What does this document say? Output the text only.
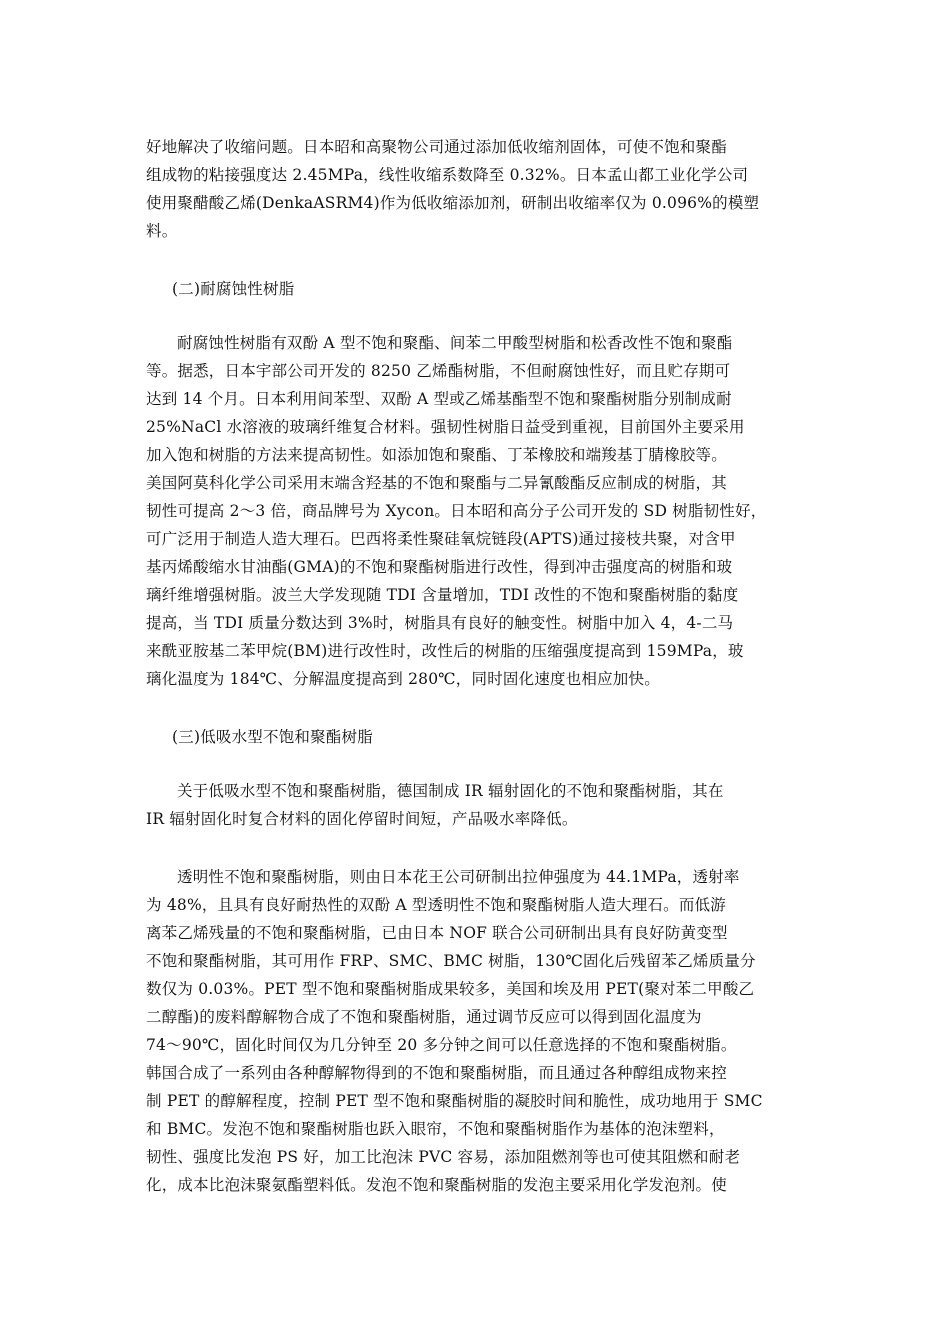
好地解决了收缩问题。日本昭和高聚物公司通过添加低收缩剂固体，可使不饱和聚酯
组成物的粘接强度达 2.45MPa，线性收缩系数降至 0.32%。日本孟山都工业化学公司
使用聚醋酸乙烯(DenkaASRM4)作为低收缩添加剂，研制出收缩率仅为 0.096%的模塑
料。
(二)耐腐蚀性树脂
耐腐蚀性树脂有双酚 A 型不饱和聚酯、间苯二甲酸型树脂和松香改性不饱和聚酯
等。据悉，日本宇部公司开发的 8250 乙烯酯树脂，不但耐腐蚀性好，而且贮存期可
达到 14 个月。日本利用间苯型、双酚 A 型或乙烯基酯型不饱和聚酯树脂分别制成耐
25%NaCl 水溶液的玻璃纤维复合材料。强韧性树脂日益受到重视，目前国外主要采用
加入饱和树脂的方法来提高韧性。如添加饱和聚酯、丁苯橡胶和端羧基丁腈橡胶等。
美国阿莫科化学公司采用末端含羟基的不饱和聚酯与二异氰酸酯反应制成的树脂，其
韧性可提高 2～3 倍，商品牌号为 Xycon。日本昭和高分子公司开发的 SD 树脂韧性好，
可广泛用于制造人造大理石。巴西将柔性聚硅氧烷链段(APTS)通过接枝共聚，对含甲
基丙烯酸缩水甘油酯(GMA)的不饱和聚酯树脂进行改性，得到冲击强度高的树脂和玻
璃纤维增强树脂。波兰大学发现随 TDI 含量增加，TDI 改性的不饱和聚酯树脂的黏度
提高，当 TDI 质量分数达到 3%时，树脂具有良好的触变性。树脂中加入 4，4-二马
来酰亚胺基二苯甲烷(BM)进行改性时，改性后的树脂的压缩强度提高到 159MPa，玻
璃化温度为 184℃、分解温度提高到 280℃，同时固化速度也相应加快。
(三)低吸水型不饱和聚酯树脂
关于低吸水型不饱和聚酯树脂，德国制成 IR 辐射固化的不饱和聚酯树脂，其在
IR 辐射固化时复合材料的固化停留时间短，产品吸水率降低。
透明性不饱和聚酯树脂，则由日本花王公司研制出拉伸强度为 44.1MPa，透射率
为 48%，且具有良好耐热性的双酚 A 型透明性不饱和聚酯树脂人造大理石。而低游
离苯乙烯残量的不饱和聚酯树脂，已由日本 NOF 联合公司研制出具有良好防黄变型
不饱和聚酯树脂，其可用作 FRP、SMC、BMC 树脂，130℃固化后残留苯乙烯质量分
数仅为 0.03%。PET 型不饱和聚酯树脂成果较多，美国和埃及用 PET(聚对苯二甲酸乙
二醇酯)的废料醇解物合成了不饱和聚酯树脂，通过调节反应可以得到固化温度为
74～90℃，固化时间仅为几分钟至 20 多分钟之间可以任意选择的不饱和聚酯树脂。
韩国合成了一系列由各种醇解物得到的不饱和聚酯树脂，而且通过各种醇组成物来控
制 PET 的醇解程度，控制 PET 型不饱和聚酯树脂的凝胶时间和脆性，成功地用于 SMC
和 BMC。发泡不饱和聚酯树脂也跃入眼帘，不饱和聚酯树脂作为基体的泡沫塑料，
韧性、强度比发泡 PS 好，加工比泡沫 PVC 容易，添加阻燃剂等也可使其阻燃和耐老
化，成本比泡沫聚氨酯塑料低。发泡不饱和聚酯树脂的发泡主要采用化学发泡剂。使
